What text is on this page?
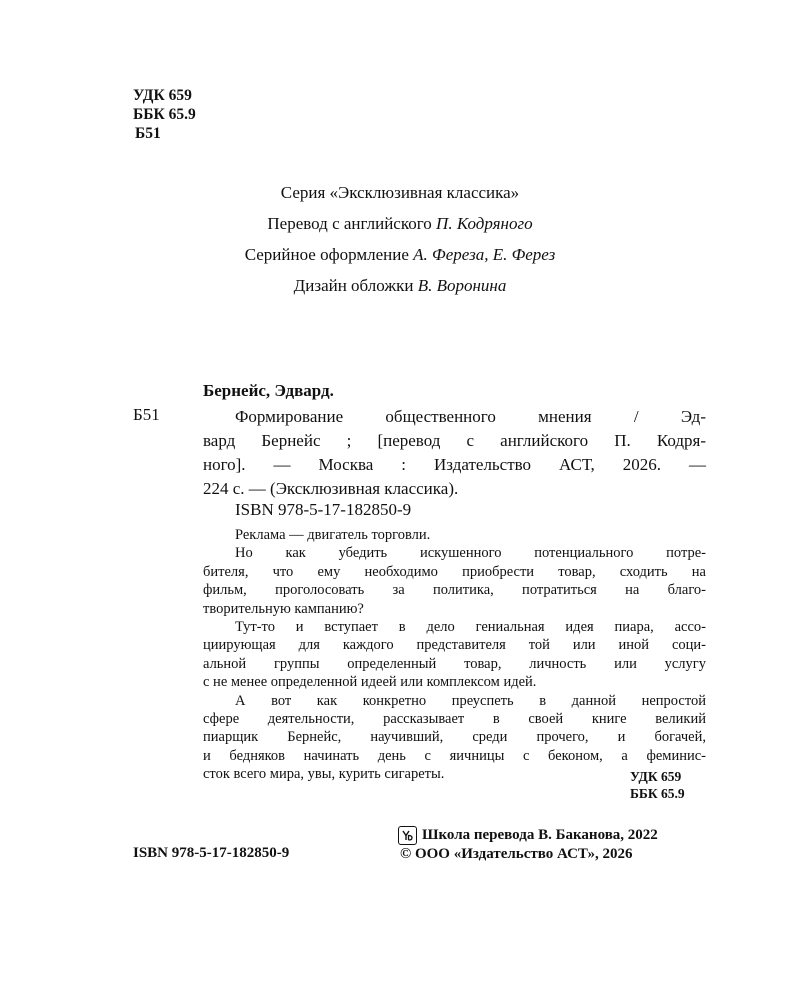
УДК 659
ББК 65.9
Б51
Серия «Эксклюзивная классика»
Перевод с английского П. Кодряного
Серийное оформление А. Фереза, Е. Ферез
Дизайн обложки В. Воронина
Бернейс, Эдвард.
Б51	Формирование общественного мнения / Эд-
вард Бернейс ; [перевод с английского П. Кодря-
ного]. — Москва : Издательство АСТ, 2026. —
224 с. — (Эксклюзивная классика).
ISBN 978-5-17-182850-9
Реклама — двигатель торговли.
Но как убедить искушенного потенциального потре-
бителя, что ему необходимо приобрести товар, сходить на
фильм, проголосовать за политика, потратиться на благо-
творительную кампанию?
Тут-то и вступает в дело гениальная идея пиара, ассо-
циирующая для каждого представителя той или иной соци-
альной группы определенный товар, личность или услугу
с не менее определенной идеей или комплексом идей.
А вот как конкретно преуспеть в данной непростой
сфере деятельности, рассказывает в своей книге великий
пиарщик Бернейс, научивший, среди прочего, и богачей,
и бедняков начинать день с яичницы с беконом, а феминис-
сток всего мира, увы, курить сигареты.	УДК 659
ББК 65.9
ISBN 978-5-17-182850-9
Школа перевода В. Баканова, 2022
© ООО «Издательство АСТ», 2026
